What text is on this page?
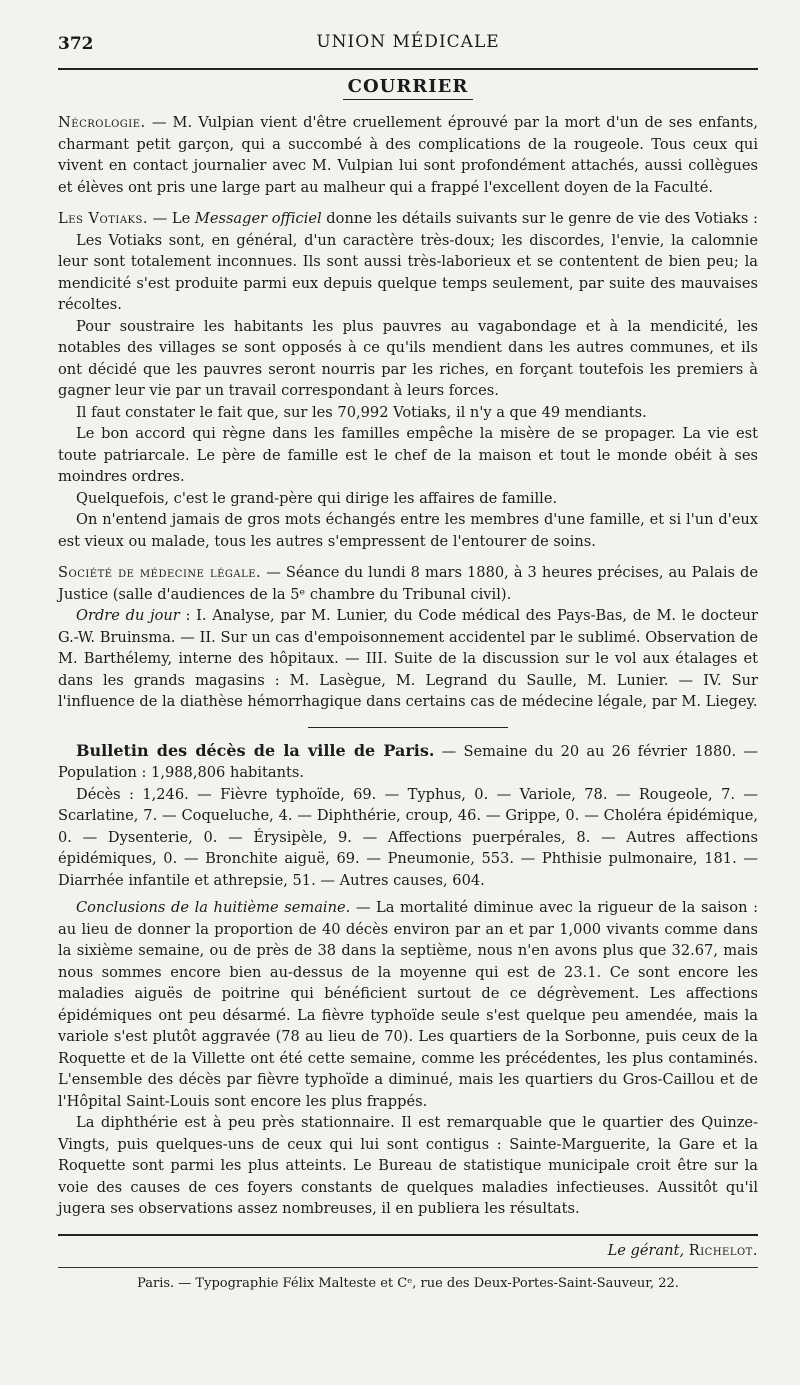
372	UNION MÉDICALE
COURRIER

Nécrologie. — M. Vulpian vient d'être cruellement éprouvé par la mort d'un de ses enfants, charmant petit garçon, qui a succombé à des complications de la rougeole. Tous ceux qui vivent en contact journalier avec M. Vulpian lui sont profondément attachés, aussi collègues et élèves ont pris une large part au malheur qui a frappé l'excellent doyen de la Faculté.

Les Votiaks. — Le Messager officiel donne les détails suivants sur le genre de vie des Votiaks :

Les Votiaks sont, en général, d'un caractère très-doux; les discordes, l'envie, la calomnie leur sont totalement inconnues. Ils sont aussi très-laborieux et se contentent de bien peu; la mendicité s'est produite parmi eux depuis quelque temps seulement, par suite des mauvaises récoltes.

Pour soustraire les habitants les plus pauvres au vagabondage et à la mendicité, les notables des villages se sont opposés à ce qu'ils mendient dans les autres communes, et ils ont décidé que les pauvres seront nourris par les riches, en forçant toutefois les premiers à gagner leur vie par un travail correspondant à leurs forces.

Il faut constater le fait que, sur les 70,992 Votiaks, il n'y a que 49 mendiants.

Le bon accord qui règne dans les familles empêche la misère de se propager. La vie est toute patriarcale. Le père de famille est le chef de la maison et tout le monde obéit à ses moindres ordres.

Quelquefois, c'est le grand-père qui dirige les affaires de famille.

On n'entend jamais de gros mots échangés entre les membres d'une famille, et si l'un d'eux est vieux ou malade, tous les autres s'empressent de l'entourer de soins.

Société de médecine légale. — Séance du lundi 8 mars 1880, à 3 heures précises, au Palais de Justice (salle d'audiences de la 5ᵉ chambre du Tribunal civil).

Ordre du jour : I. Analyse, par M. Lunier, du Code médical des Pays-Bas, de M. le docteur G.-W. Bruinsma. — II. Sur un cas d'empoisonnement accidentel par le sublimé. Observation de M. Barthélemy, interne des hôpitaux. — III. Suite de la discussion sur le vol aux étalages et dans les grands magasins : M. Lasègue, M. Legrand du Saulle, M. Lunier. — IV. Sur l'influence de la diathèse hémorrhagique dans certains cas de médecine légale, par M. Liegey.

Bulletin des décès de la ville de Paris. — Semaine du 20 au 26 février 1880. — Population : 1,988,806 habitants.

Décès : 1,246. — Fièvre typhoïde, 69. — Typhus, 0. — Variole, 78. — Rougeole, 7. — Scarlatine, 7. — Coqueluche, 4. — Diphthérie, croup, 46. — Grippe, 0. — Choléra épidémique, 0. — Dysenterie, 0. — Érysipèle, 9. — Affections puerpérales, 8. — Autres affections épidémiques, 0. — Bronchite aiguë, 69. — Pneumonie, 553. — Phthisie pulmonaire, 181. — Diarrhée infantile et athrepsie, 51. — Autres causes, 604.

Conclusions de la huitième semaine. — La mortalité diminue avec la rigueur de la saison : au lieu de donner la proportion de 40 décès environ par an et par 1,000 vivants comme dans la sixième semaine, ou de près de 38 dans la septième, nous n'en avons plus que 32.67, mais nous sommes encore bien au-dessus de la moyenne qui est de 23.1. Ce sont encore les maladies aiguës de poitrine qui bénéficient surtout de ce dégrèvement. Les affections épidémiques ont peu désarmé. La fièvre typhoïde seule s'est quelque peu amendée, mais la variole s'est plutôt aggravée (78 au lieu de 70). Les quartiers de la Sorbonne, puis ceux de la Roquette et de la Villette ont été cette semaine, comme les précédentes, les plus contaminés. L'ensemble des décès par fièvre typhoïde a diminué, mais les quartiers du Gros-Caillou et de l'Hôpital Saint-Louis sont encore les plus frappés.

La diphthérie est à peu près stationnaire. Il est remarquable que le quartier des Quinze-Vingts, puis quelques-uns de ceux qui lui sont contigus : Sainte-Marguerite, la Gare et la Roquette sont parmi les plus atteints. Le Bureau de statistique municipale croit être sur la voie des causes de ces foyers constants de quelques maladies infectieuses. Aussitôt qu'il jugera ses observations assez nombreuses, il en publiera les résultats.

Le gérant, Richelot.
Paris. — Typographie Félix Malteste et Cᵉ, rue des Deux-Portes-Saint-Sauveur, 22.
